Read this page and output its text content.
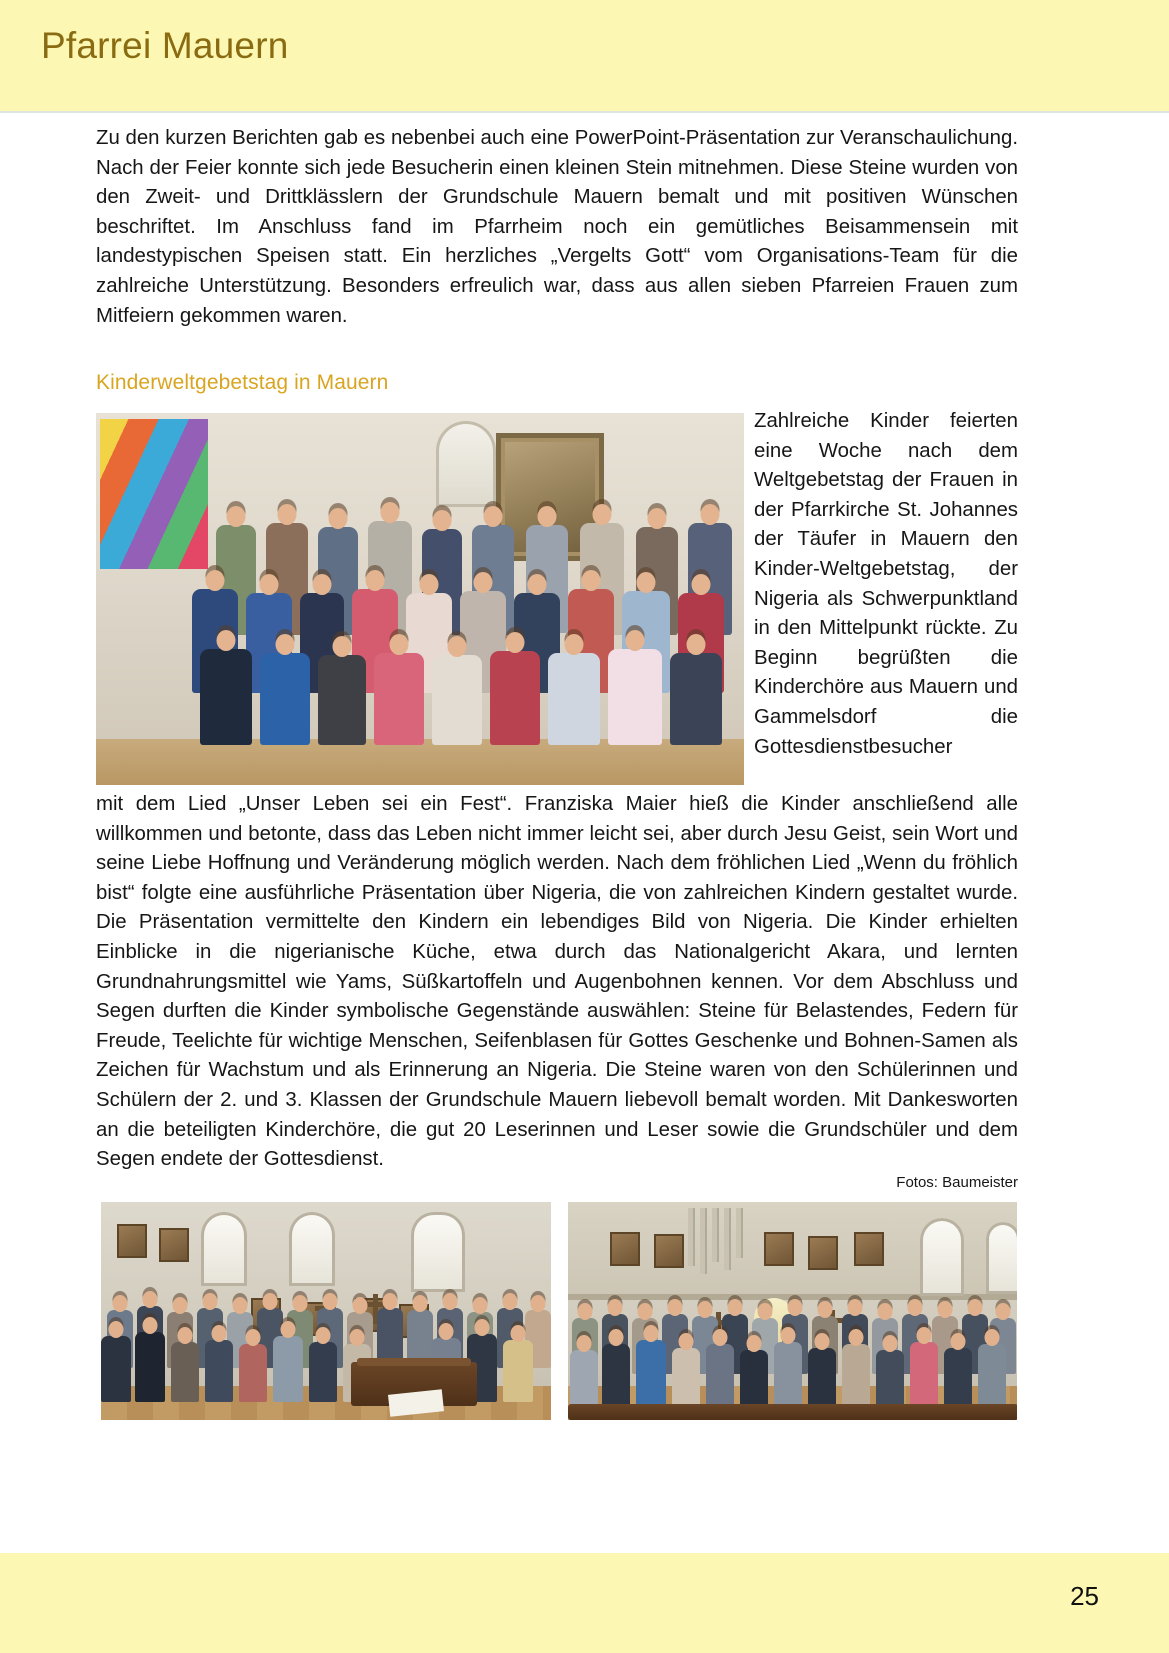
Pfarrei Mauern

Zu den kurzen Berichten gab es nebenbei auch eine PowerPoint-Präsentation zur Veranschaulichung. Nach der Feier konnte sich jede Besucherin einen kleinen Stein mitnehmen. Diese Steine wurden von den Zweit- und Drittklässlern der Grundschule Mauern bemalt und mit positiven Wünschen beschriftet. Im Anschluss fand im Pfarrheim noch ein gemütliches Beisammensein mit landestypischen Speisen statt. Ein herzliches „Vergelts Gott“ vom Organisations-Team für die zahlreiche Unterstützung. Besonders erfreulich war, dass aus allen sieben Pfarreien Frauen zum Mitfeiern gekommen waren.

Kinderweltgebetstag in Mauern

Zahlreiche Kinder feierten eine Woche nach dem Weltgebetstag der Frauen in der Pfarrkirche St. Johannes der Täufer in Mauern den Kinder-Weltgebetstag, der Nigeria als Schwerpunktland in den Mittelpunkt rückte. Zu Beginn begrüßten die Kinderchöre aus Mauern und Gammelsdorf die Gottesdienstbesucher

mit dem Lied „Unser Leben sei ein Fest“. Franziska Maier hieß die Kinder anschließend alle willkommen und betonte, dass das Leben nicht immer leicht sei, aber durch Jesu Geist, sein Wort und seine Liebe Hoffnung und Veränderung möglich werden. Nach dem fröhlichen Lied „Wenn du fröhlich bist“ folgte eine ausführliche Präsentation über Nigeria, die von zahlreichen Kindern gestaltet wurde. Die Präsentation vermittelte den Kindern ein lebendiges Bild von Nigeria. Die Kinder erhielten Einblicke in die nigerianische Küche, etwa durch das Nationalgericht Akara, und lernten Grundnahrungsmittel wie Yams, Süßkartoffeln und Augenbohnen kennen. Vor dem Abschluss und Segen durften die Kinder symbolische Gegenstände auswählen: Steine für Belastendes, Federn für Freude, Teelichte für wichtige Menschen, Seifenblasen für Gottes Geschenke und Bohnen-Samen als Zeichen für Wachstum und als Erinnerung an Nigeria. Die Steine waren von den Schülerinnen und Schülern der 2. und 3. Klassen der Grundschule Mauern liebevoll bemalt worden. Mit Dankesworten an die beteiligten Kinderchöre, die gut 20 Leserinnen und Leser sowie die Grundschüler und dem Segen endete der Gottesdienst.

Fotos: Baumeister
25
